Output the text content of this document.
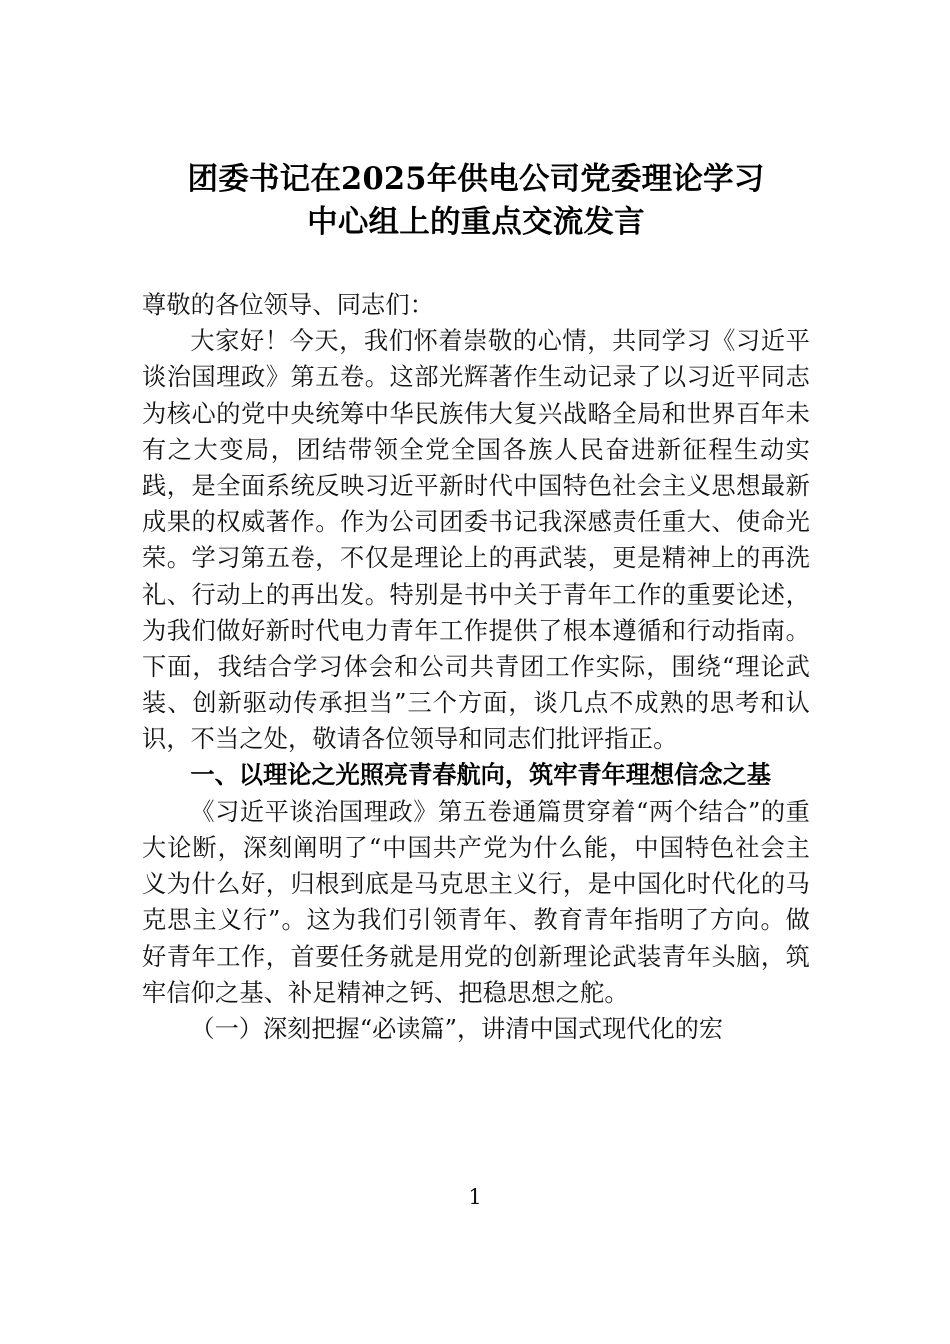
团委书记在2025年供电公司党委理论学习
中心组上的重点交流发言

尊敬的各位领导、同志们：

大家好！今天，我们怀着崇敬的心情，共同学习《习近平谈治国理政》第五卷。这部光辉著作生动记录了以习近平同志为核心的党中央统筹中华民族伟大复兴战略全局和世界百年未有之大变局，团结带领全党全国各族人民奋进新征程生动实践，是全面系统反映习近平新时代中国特色社会主义思想最新成果的权威著作。作为公司团委书记我深感责任重大、使命光荣。学习第五卷，不仅是理论上的再武装，更是精神上的再洗礼、行动上的再出发。特别是书中关于青年工作的重要论述，为我们做好新时代电力青年工作提供了根本遵循和行动指南。下面，我结合学习体会和公司共青团工作实际，围绕“理论武装、创新驱动传承担当”三个方面，谈几点不成熟的思考和认识，不当之处，敬请各位领导和同志们批评指正。

一、以理论之光照亮青春航向，筑牢青年理想信念之基

《习近平谈治国理政》第五卷通篇贯穿着“两个结合”的重大论断，深刻阐明了“中国共产党为什么能，中国特色社会主义为什么好，归根到底是马克思主义行，是中国化时代化的马克思主义行”。这为我们引领青年、教育青年指明了方向。做好青年工作，首要任务就是用党的创新理论武装青年头脑，筑牢信仰之基、补足精神之钙、把稳思想之舵。

（一）深刻把握“必读篇”，讲清中国式现代化的宏

1
